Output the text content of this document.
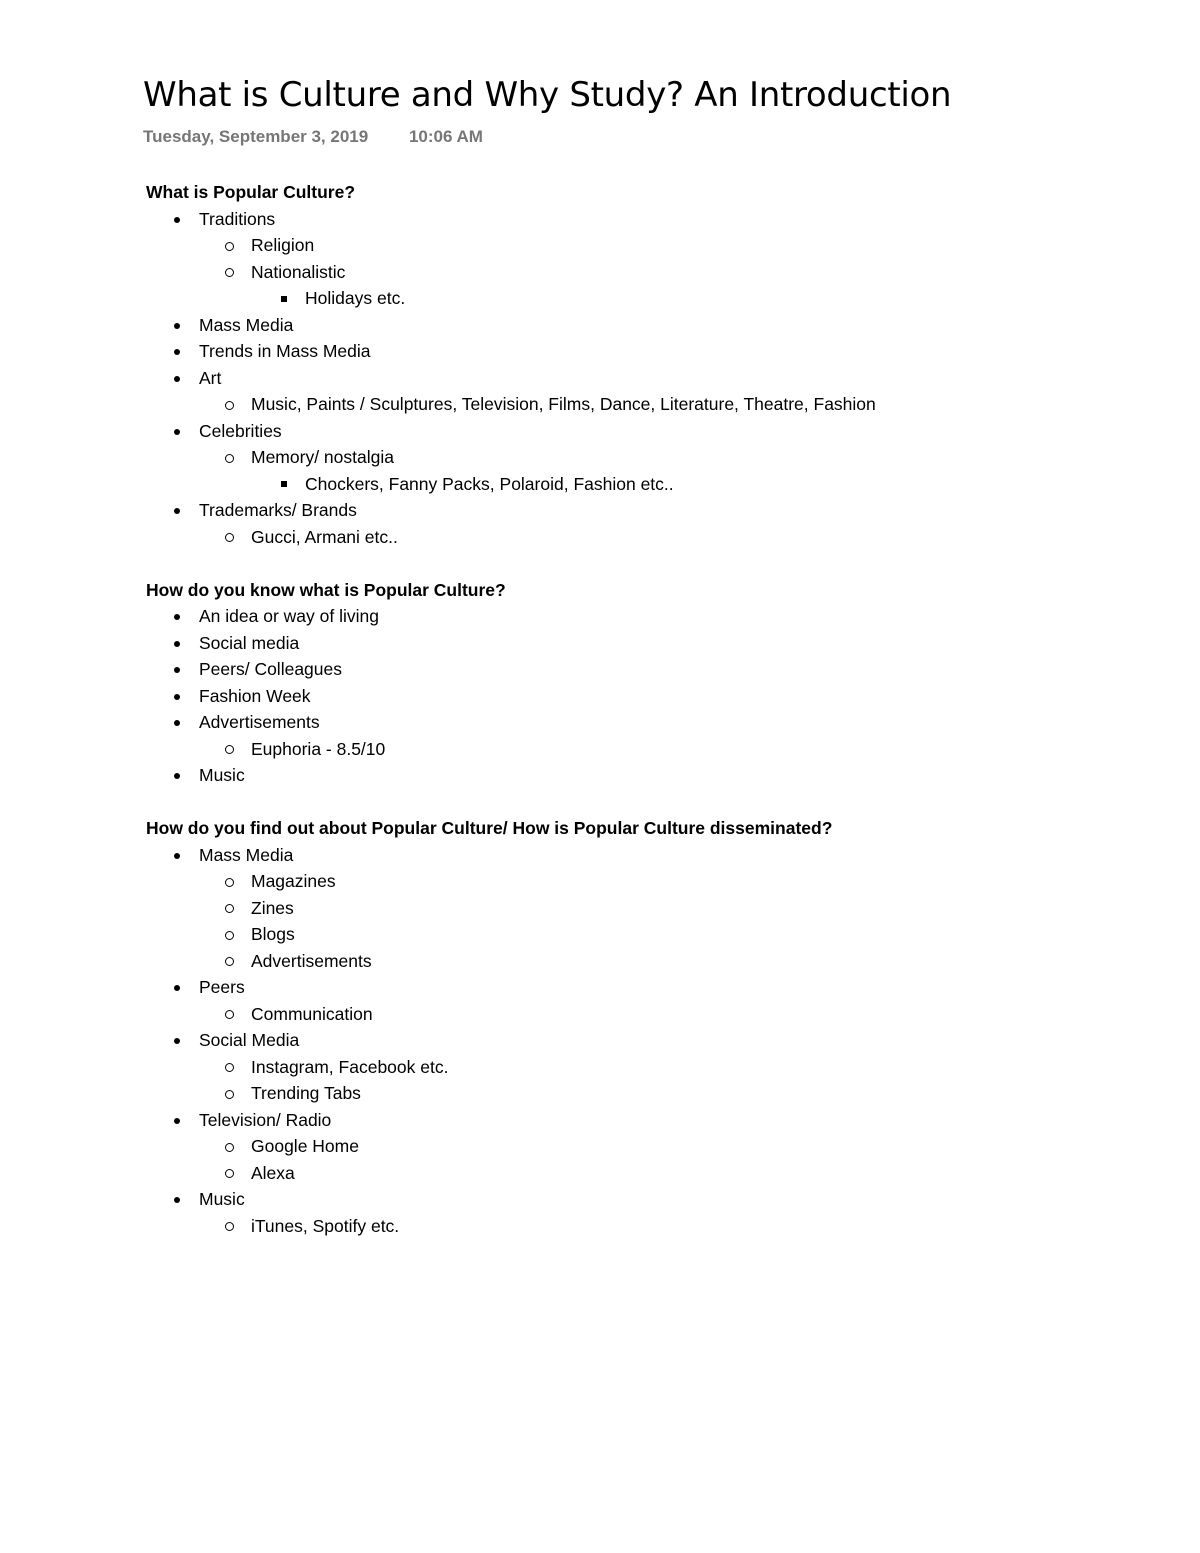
What is Culture and Why Study? An Introduction
Tuesday, September 3, 2019 10:06 AM
What is Popular Culture?
Traditions
Religion
Nationalistic
Holidays etc.
Mass Media
Trends in Mass Media
Art
Music, Paints / Sculptures, Television, Films, Dance, Literature, Theatre, Fashion
Celebrities
Memory/ nostalgia
Chockers, Fanny Packs, Polaroid, Fashion etc..
Trademarks/ Brands
Gucci, Armani etc..
How do you know what is Popular Culture?
An idea or way of living
Social media
Peers/ Colleagues
Fashion Week
Advertisements
Euphoria - 8.5/10
Music
How do you find out about Popular Culture/ How is Popular Culture disseminated?
Mass Media
Magazines
Zines
Blogs
Advertisements
Peers
Communication
Social Media
Instagram, Facebook etc.
Trending Tabs
Television/ Radio
Google Home
Alexa
Music
iTunes, Spotify etc.
